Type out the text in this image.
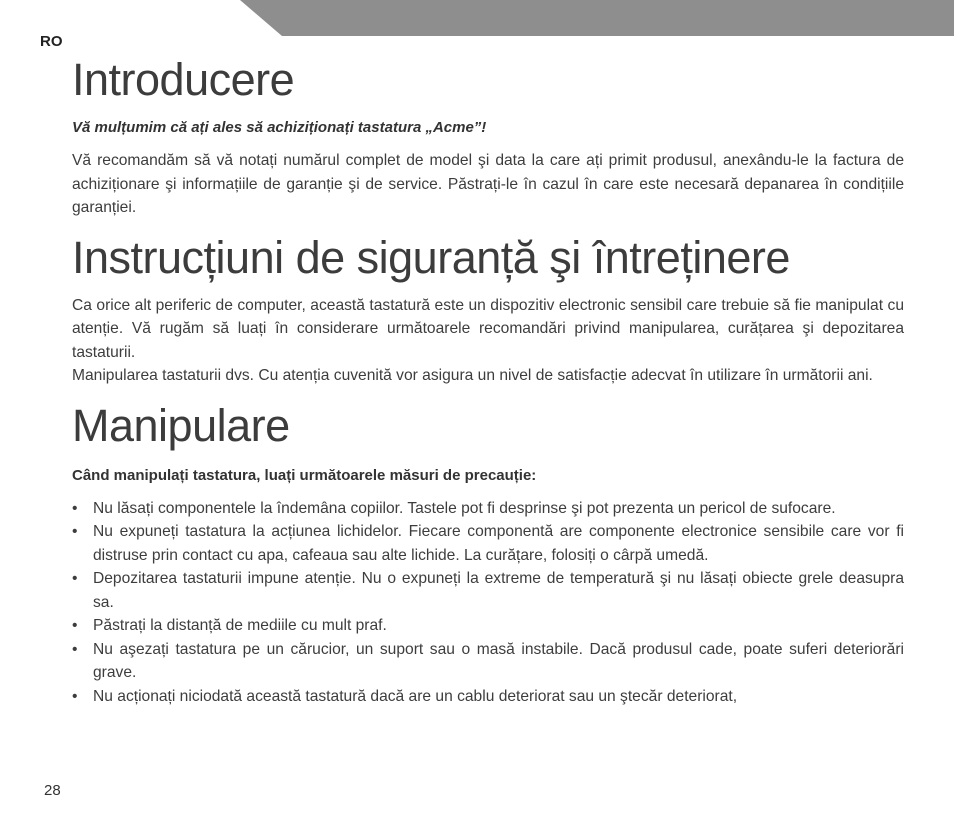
RO
Introducere
Vă mulțumim că ați ales să achiziționați tastatura „Acme”!

Vă recomandăm să vă notați numărul complet de model şi data la care ați primit produsul, anexându-le la factura de achiziționare şi informațiile de garanție şi de service. Păstrați-le în cazul în care este necesară depanarea în condițiile garanției.

Instrucțiuni de siguranță şi întreținere

Ca orice alt periferic de computer, această tastatură este un dispozitiv electronic sensibil care trebuie să fie manipulat cu atenție. Vă rugăm să luați în considerare următoarele recomandări privind manipularea, curățarea şi depozitarea tastaturii.

Manipularea tastaturii dvs. Cu atenția cuvenită vor asigura un nivel de satisfacție adecvat în utilizare în următorii ani.

Manipulare
Când manipulați tastatura, luați următoarele măsuri de precauție:
• Nu lăsați componentele la îndemâna copiilor. Tastele pot fi desprinse şi pot prezenta un pericol de sufocare.
• Nu expuneți tastatura la acțiunea lichidelor. Fiecare componentă are componente electronice sensibile care vor fi distruse prin contact cu apa, cafeaua sau alte lichide. La curățare, folosiți o cârpă umedă.
• Depozitarea tastaturii impune atenție. Nu o expuneți la extreme de temperatură şi nu lăsați obiecte grele deasupra sa.
• Păstrați la distanță de mediile cu mult praf.
• Nu aşezați tastatura pe un cărucior, un suport sau o masă instabile. Dacă produsul cade, poate suferi deteriorări grave.
• Nu acționați niciodată această tastatură dacă are un cablu deteriorat sau un ştecăr deteriorat,
28
